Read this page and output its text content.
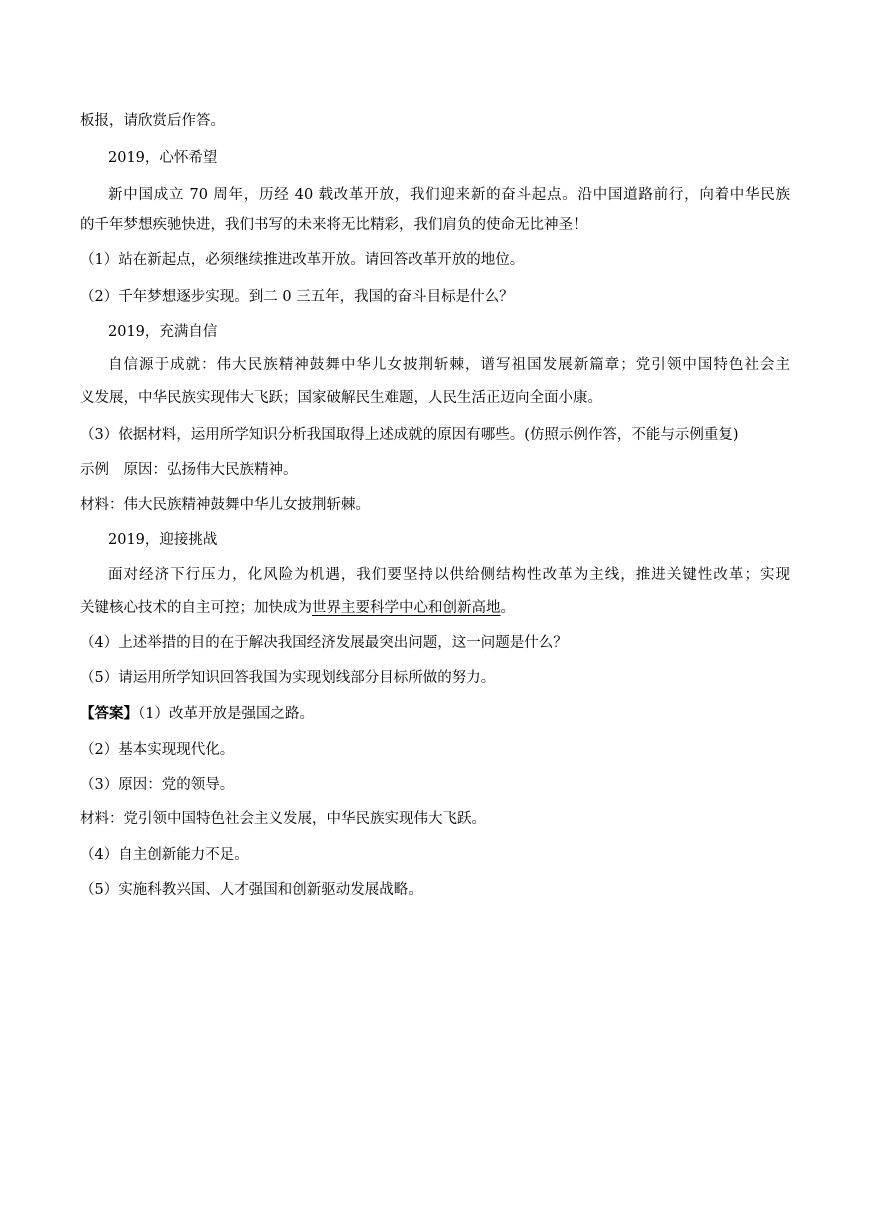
板报，请欣赏后作答。
2019，心怀希望
新中国成立 70 周年，历经 40 载改革开放，我们迎来新的奋斗起点。沿中国道路前行，向着中华民族
的千年梦想疾驰快进，我们书写的未来将无比精彩，我们肩负的使命无比神圣！
（1）站在新起点，必须继续推进改革开放。请回答改革开放的地位。
（2）千年梦想逐步实现。到二 0 三五年，我国的奋斗目标是什么？
2019，充满自信
自信源于成就：伟大民族精神鼓舞中华儿女披荆斩棘，谱写祖国发展新篇章；党引领中国特色社会主
义发展，中华民族实现伟大飞跃；国家破解民生难题，人民生活正迈向全面小康。
（3）依据材料，运用所学知识分析我国取得上述成就的原因有哪些。(仿照示例作答，不能与示例重复)
示例　原因：弘扬伟大民族精神。
材料：伟大民族精神鼓舞中华儿女披荆斩棘。
2019，迎接挑战
面对经济下行压力，化风险为机遇，我们要坚持以供给侧结构性改革为主线，推进关键性改革；实现
关键核心技术的自主可控；加快成为世界主要科学中心和创新高地。
（4）上述举措的目的在于解决我国经济发展最突出问题，这一问题是什么？
（5）请运用所学知识回答我国为实现划线部分目标所做的努力。
【答案】（1）改革开放是强国之路。
（2）基本实现现代化。
（3）原因：党的领导。
材料：党引领中国特色社会主义发展，中华民族实现伟大飞跃。
（4）自主创新能力不足。
（5）实施科教兴国、人才强国和创新驱动发展战略。
